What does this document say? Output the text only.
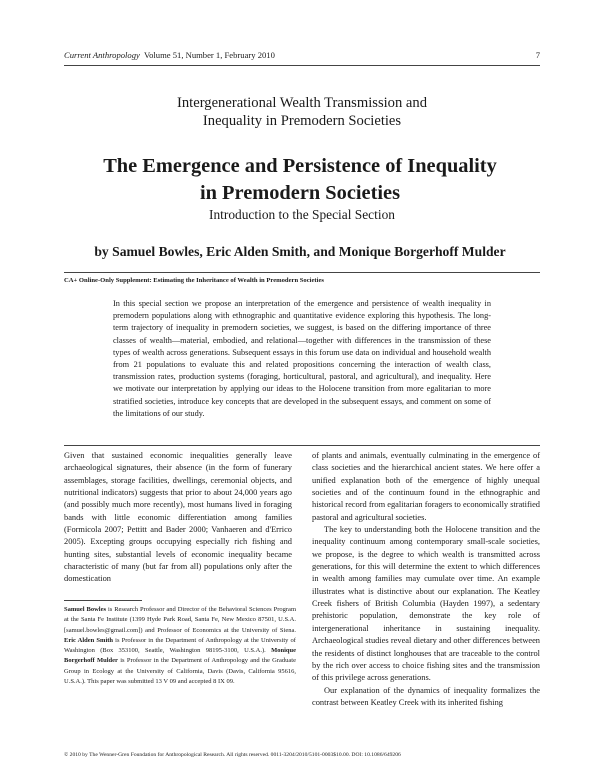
Current Anthropology Volume 51, Number 1, February 2010	7
Intergenerational Wealth Transmission and
Inequality in Premodern Societies
The Emergence and Persistence of Inequality
in Premodern Societies
Introduction to the Special Section
by Samuel Bowles, Eric Alden Smith, and Monique Borgerhoff Mulder
CA+ Online-Only Supplement: Estimating the Inheritance of Wealth in Premodern Societies
In this special section we propose an interpretation of the emergence and persistence of wealth inequality in premodern populations along with ethnographic and quantitative evidence exploring this hypothesis. The long-term trajectory of inequality in premodern societies, we suggest, is based on the differing importance of three classes of wealth—material, embodied, and relational—together with differences in the transmission of these types of wealth across generations. Subsequent essays in this forum use data on individual and household wealth from 21 populations to evaluate this and related propositions concerning the interaction of wealth class, transmission rates, production systems (foraging, horticultural, pastoral, and agricultural), and inequality. Here we motivate our interpretation by applying our ideas to the Holocene transition from more egalitarian to more stratified societies, introduce key concepts that are developed in the subsequent essays, and comment on some of the limitations of our study.

Given that sustained economic inequalities generally leave archaeological signatures, their absence (in the form of funerary assemblages, storage facilities, dwellings, ceremonial objects, and nutritional indicators) suggests that prior to about 24,000 years ago (and possibly much more recently), most humans lived in foraging bands with little economic differentiation among families (Formicola 2007; Pettitt and Bader 2000; Vanhaeren and d'Errico 2005). Excepting groups occupying especially rich fishing and hunting sites, substantial levels of economic inequality became characteristic of many (but far from all) populations only after the domestication

of plants and animals, eventually culminating in the emergence of class societies and the hierarchical ancient states. We here offer a unified explanation both of the emergence of highly unequal societies and of the continuum found in the ethnographic and historical record from egalitarian foragers to economically stratified pastoral and agricultural societies.

The key to understanding both the Holocene transition and the inequality continuum among contemporary small-scale societies, we propose, is the degree to which wealth is transmitted across generations, for this will determine the extent to which differences in wealth among families may cumulate over time. An example illustrates what is distinctive about our explanation. The Keatley Creek fishers of British Columbia (Hayden 1997), a sedentary prehistoric population, demonstrate the key role of intergenerational inheritance in sustaining inequality. Archaeological studies reveal dietary and other differences between the residents of distinct longhouses that are traceable to the control by the rich over access to choice fishing sites and the transmission of this privilege across generations.

Our explanation of the dynamics of inequality formalizes the contrast between Keatley Creek with its inherited fishing

Samuel Bowles is Research Professor and Director of the Behavioral Sciences Program at the Santa Fe Institute (1399 Hyde Park Road, Santa Fe, New Mexico 87501, U.S.A. [samuel.bowles@gmail.com]) and Professor of Economics at the University of Siena. Eric Alden Smith is Professor in the Department of Anthropology at the University of Washington (Box 353100, Seattle, Washington 98195-3100, U.S.A.). Monique Borgerhoff Mulder is Professor in the Department of Anthropology and the Graduate Group in Ecology at the University of California, Davis (Davis, California 95616, U.S.A.). This paper was submitted 13 V 09 and accepted 8 IX 09.

© 2010 by The Wenner-Gren Foundation for Anthropological Research. All rights reserved. 0011-3204/2010/5101-0003$10.00. DOI: 10.1086/649206
